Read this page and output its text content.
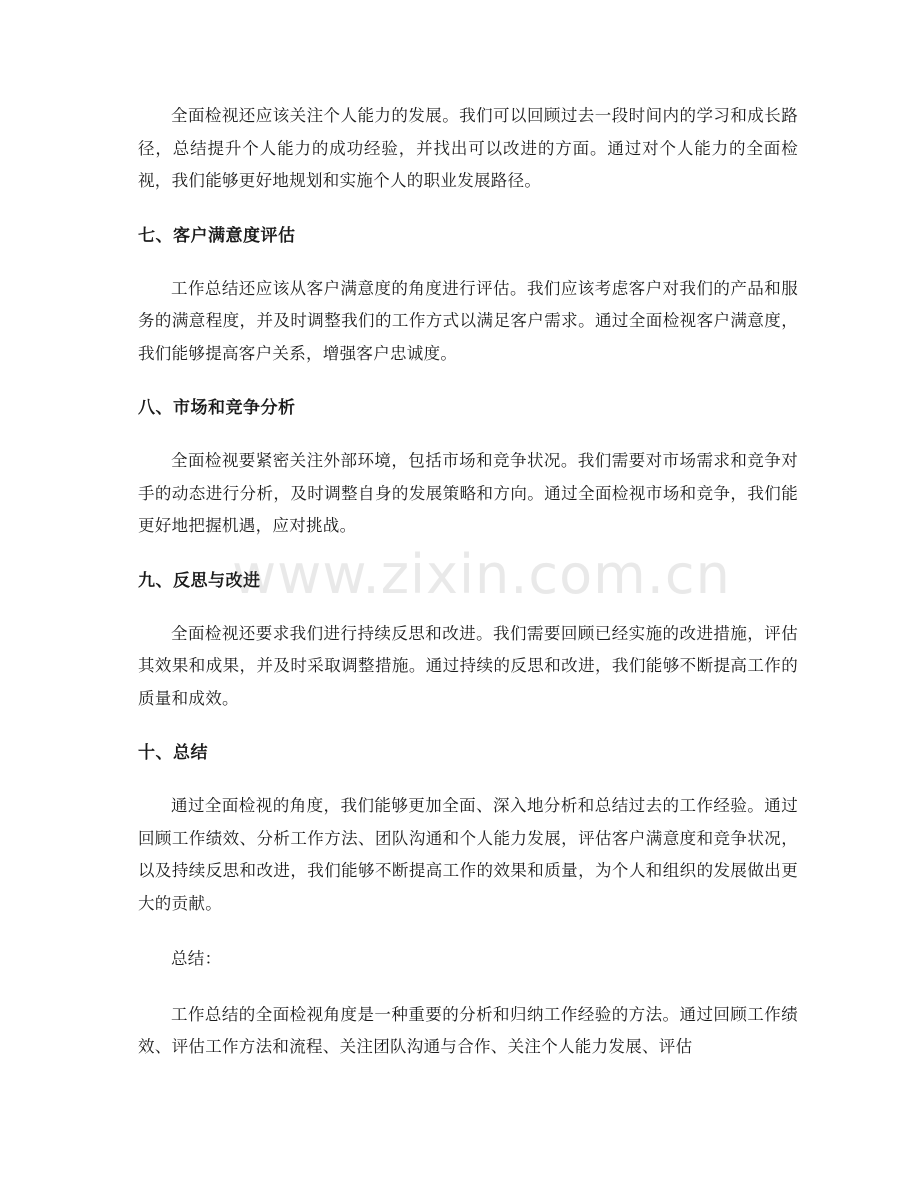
全面检视还应该关注个人能力的发展。我们可以回顾过去一段时间内的学习和成长路径，总结提升个人能力的成功经验，并找出可以改进的方面。通过对个人能力的全面检视，我们能够更好地规划和实施个人的职业发展路径。

七、客户满意度评估

工作总结还应该从客户满意度的角度进行评估。我们应该考虑客户对我们的产品和服务的满意程度，并及时调整我们的工作方式以满足客户需求。通过全面检视客户满意度，我们能够提高客户关系，增强客户忠诚度。

八、市场和竞争分析

全面检视要紧密关注外部环境，包括市场和竞争状况。我们需要对市场需求和竞争对手的动态进行分析，及时调整自身的发展策略和方向。通过全面检视市场和竞争，我们能更好地把握机遇，应对挑战。

九、反思与改进

全面检视还要求我们进行持续反思和改进。我们需要回顾已经实施的改进措施，评估其效果和成果，并及时采取调整措施。通过持续的反思和改进，我们能够不断提高工作的质量和成效。

十、总结

通过全面检视的角度，我们能够更加全面、深入地分析和总结过去的工作经验。通过回顾工作绩效、分析工作方法、团队沟通和个人能力发展，评估客户满意度和竞争状况，以及持续反思和改进，我们能够不断提高工作的效果和质量，为个人和组织的发展做出更大的贡献。

总结：

工作总结的全面检视角度是一种重要的分析和归纳工作经验的方法。通过回顾工作绩效、评估工作方法和流程、关注团队沟通与合作、关注个人能力发展、评估

www.zixin.com.cn
